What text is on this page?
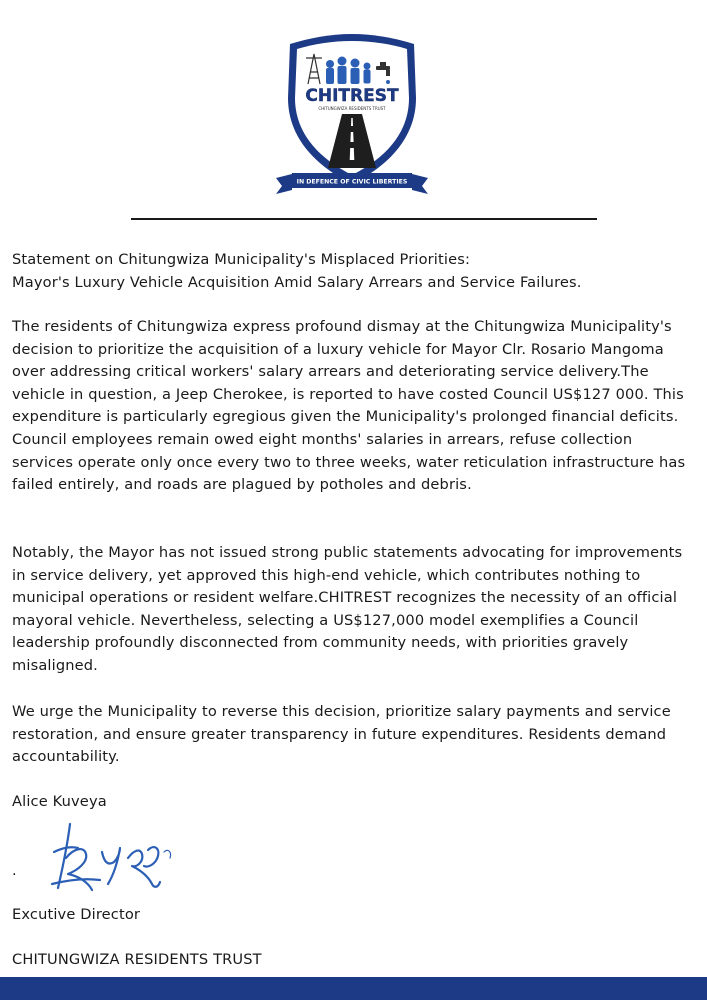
CHITREST
CHITUNGWIZA RESIDENTS TRUST
IN DEFENCE OF CIVIC LIBERTIES
Statement on Chitungwiza Municipality's Misplaced Priorities:
Mayor's Luxury Vehicle Acquisition Amid Salary Arrears and Service Failures.
The residents of Chitungwiza express profound dismay at the Chitungwiza Municipality's decision to prioritize the acquisition of a luxury vehicle for Mayor Clr. Rosario Mangoma over addressing critical workers' salary arrears and deteriorating service delivery.The vehicle in question, a Jeep Cherokee, is reported to have costed Council US$127 000. This expenditure is particularly egregious given the Municipality's prolonged financial deficits. Council employees remain owed eight months' salaries in arrears, refuse collection services operate only once every two to three weeks, water reticulation infrastructure has failed entirely, and roads are plagued by potholes and debris.
Notably, the Mayor has not issued strong public statements advocating for improvements in service delivery, yet approved this high-end vehicle, which contributes nothing to municipal operations or resident welfare.CHITREST recognizes the necessity of an official mayoral vehicle. Nevertheless, selecting a US$127,000 model exemplifies a Council leadership profoundly disconnected from community needs, with priorities gravely misaligned.
We urge the Municipality to reverse this decision, prioritize salary payments and service restoration, and ensure greater transparency in future expenditures. Residents demand accountability.
Alice Kuveya
.
Excutive Director
CHITUNGWIZA RESIDENTS TRUST
